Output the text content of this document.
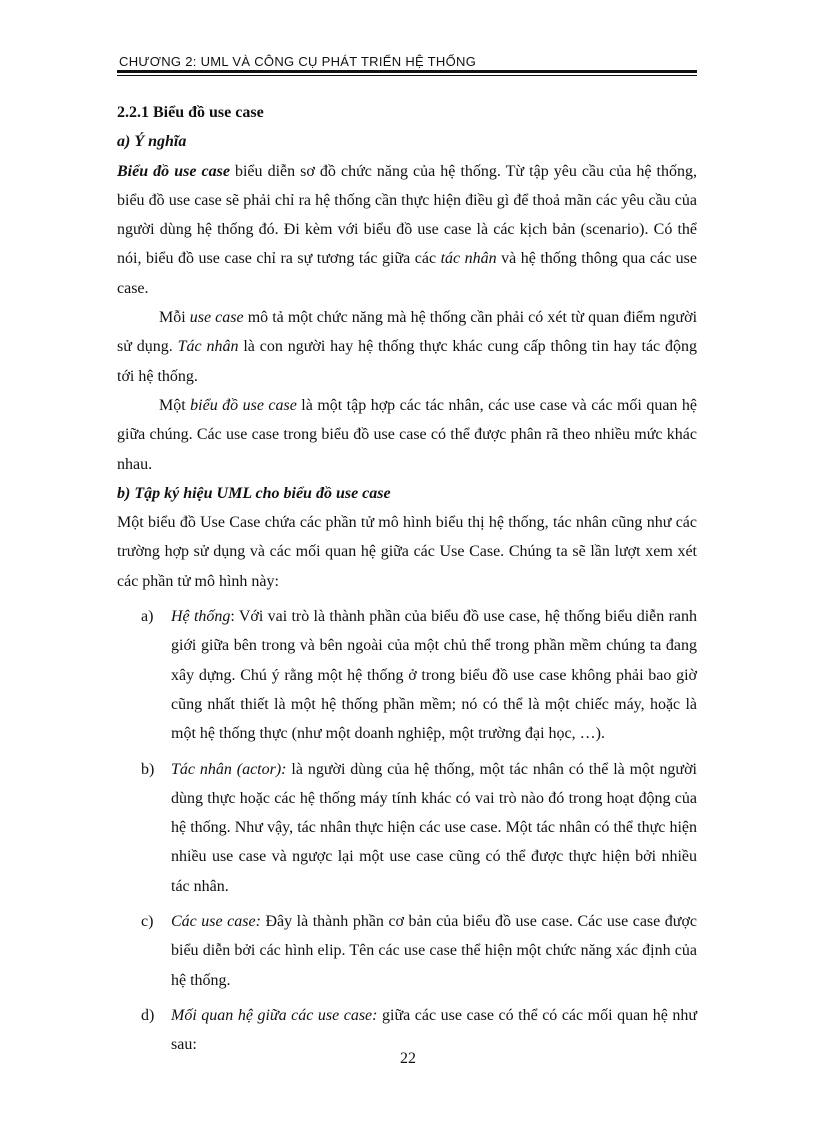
CHƯƠNG 2: UML VÀ CÔNG CỤ PHÁT TRIỂN HỆ THỐNG

2.2.1 Biểu đồ use case

a) Ý nghĩa

Biểu đồ use case biểu diễn sơ đồ chức năng của hệ thống. Từ tập yêu cầu của hệ thống, biểu đồ use case sẽ phải chỉ ra hệ thống cần thực hiện điều gì để thoả mãn các yêu cầu của người dùng hệ thống đó. Đi kèm với biểu đồ use case là các kịch bản (scenario). Có thể nói, biểu đồ use case chỉ ra sự tương tác giữa các tác nhân và hệ thống thông qua các use case.

Mỗi use case mô tả một chức năng mà hệ thống cần phải có xét từ quan điểm người sử dụng. Tác nhân là con người hay hệ thống thực khác cung cấp thông tin hay tác động tới hệ thống.

Một biểu đồ use case là một tập hợp các tác nhân, các use case và các mối quan hệ giữa chúng. Các use case trong biểu đồ use case có thể được phân rã theo nhiều mức khác nhau.

b) Tập ký hiệu UML cho biểu đồ use case

Một biểu đồ Use Case chứa các phần tử mô hình biểu thị hệ thống, tác nhân cũng như các trường hợp sử dụng và các mối quan hệ giữa các Use Case. Chúng ta sẽ lần lượt xem xét các phần tử mô hình này:

a) Hệ thống: Với vai trò là thành phần của biểu đồ use case, hệ thống biểu diễn ranh giới giữa bên trong và bên ngoài của một chủ thể trong phần mềm chúng ta đang xây dựng. Chú ý rằng một hệ thống ở trong biểu đồ use case không phải bao giờ cũng nhất thiết là một hệ thống phần mềm; nó có thể là một chiếc máy, hoặc là một hệ thống thực (như một doanh nghiệp, một trường đại học, …).
b) Tác nhân (actor): là người dùng của hệ thống, một tác nhân có thể là một người dùng thực hoặc các hệ thống máy tính khác có vai trò nào đó trong hoạt động của hệ thống. Như vậy, tác nhân thực hiện các use case. Một tác nhân có thể thực hiện nhiều use case và ngược lại một use case cũng có thể được thực hiện bởi nhiều tác nhân.
c) Các use case: Đây là thành phần cơ bản của biểu đồ use case. Các use case được biểu diễn bởi các hình elip. Tên các use case thể hiện một chức năng xác định của hệ thống.
d) Mối quan hệ giữa các use case: giữa các use case có thể có các mối quan hệ như sau:
22
